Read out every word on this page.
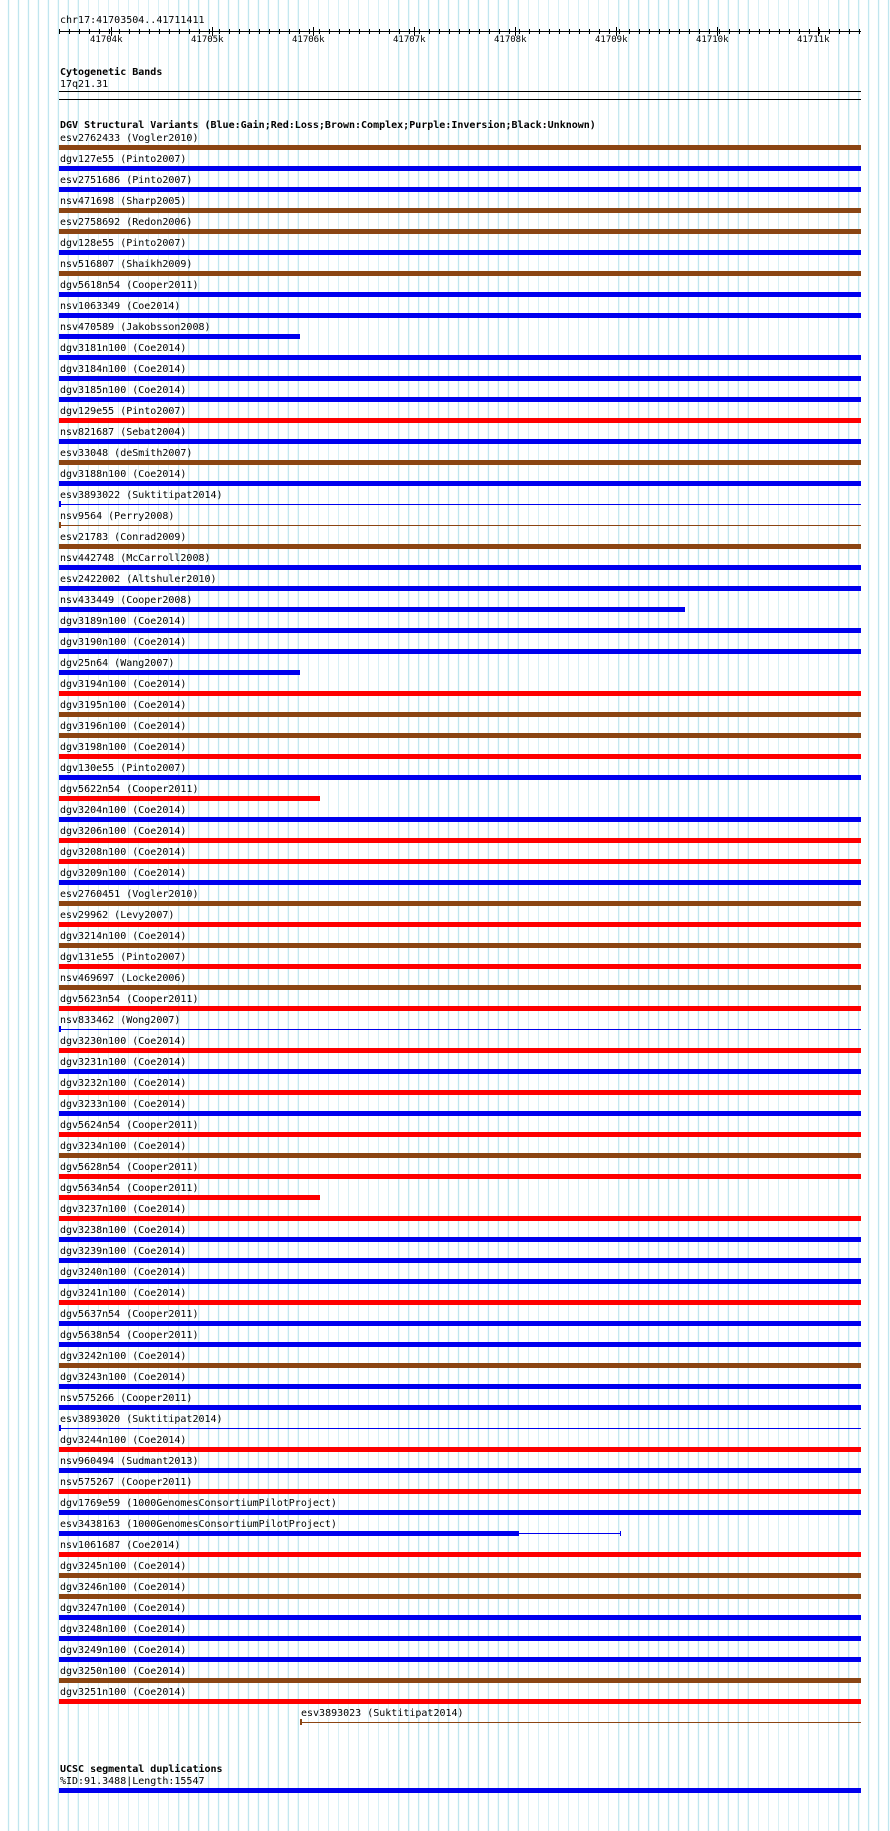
chr17:41703504..41711411
41704k	41705k	41706k	41707k	41708k	41709k	41710k	41711k
Cytogenetic Bands
17q21.31
DGV Structural Variants (Blue:Gain;Red:Loss;Brown:Complex;Purple:Inversion;Black:Unknown)
esv2762433 (Vogler2010)
dgv127e55 (Pinto2007)
esv2751686 (Pinto2007)
nsv471698 (Sharp2005)
esv2758692 (Redon2006)
dgv128e55 (Pinto2007)
nsv516807 (Shaikh2009)
dgv5618n54 (Cooper2011)
nsv1063349 (Coe2014)
nsv470589 (Jakobsson2008)
dgv3181n100 (Coe2014)
dgv3184n100 (Coe2014)
dgv3185n100 (Coe2014)
dgv129e55 (Pinto2007)
nsv821687 (Sebat2004)
esv33048 (deSmith2007)
dgv3188n100 (Coe2014)
esv3893022 (Suktitipat2014)
nsv9564 (Perry2008)
esv21783 (Conrad2009)
nsv442748 (McCarroll2008)
esv2422002 (Altshuler2010)
nsv433449 (Cooper2008)
dgv3189n100 (Coe2014)
dgv3190n100 (Coe2014)
dgv25n64 (Wang2007)
dgv3194n100 (Coe2014)
dgv3195n100 (Coe2014)
dgv3196n100 (Coe2014)
dgv3198n100 (Coe2014)
dgv130e55 (Pinto2007)
dgv5622n54 (Cooper2011)
dgv3204n100 (Coe2014)
dgv3206n100 (Coe2014)
dgv3208n100 (Coe2014)
dgv3209n100 (Coe2014)
esv2760451 (Vogler2010)
esv29962 (Levy2007)
dgv3214n100 (Coe2014)
dgv131e55 (Pinto2007)
nsv469697 (Locke2006)
dgv5623n54 (Cooper2011)
nsv833462 (Wong2007)
dgv3230n100 (Coe2014)
dgv3231n100 (Coe2014)
dgv3232n100 (Coe2014)
dgv3233n100 (Coe2014)
dgv5624n54 (Cooper2011)
dgv3234n100 (Coe2014)
dgv5628n54 (Cooper2011)
dgv5634n54 (Cooper2011)
dgv3237n100 (Coe2014)
dgv3238n100 (Coe2014)
dgv3239n100 (Coe2014)
dgv3240n100 (Coe2014)
dgv3241n100 (Coe2014)
dgv5637n54 (Cooper2011)
dgv5638n54 (Cooper2011)
dgv3242n100 (Coe2014)
dgv3243n100 (Coe2014)
nsv575266 (Cooper2011)
esv3893020 (Suktitipat2014)
dgv3244n100 (Coe2014)
nsv960494 (Sudmant2013)
nsv575267 (Cooper2011)
dgv1769e59 (1000GenomesConsortiumPilotProject)
esv3438163 (1000GenomesConsortiumPilotProject)
nsv1061687 (Coe2014)
dgv3245n100 (Coe2014)
dgv3246n100 (Coe2014)
dgv3247n100 (Coe2014)
dgv3248n100 (Coe2014)
dgv3249n100 (Coe2014)
dgv3250n100 (Coe2014)
dgv3251n100 (Coe2014)
esv3893023 (Suktitipat2014)
UCSC segmental duplications
%ID:91.3488|Length:15547
